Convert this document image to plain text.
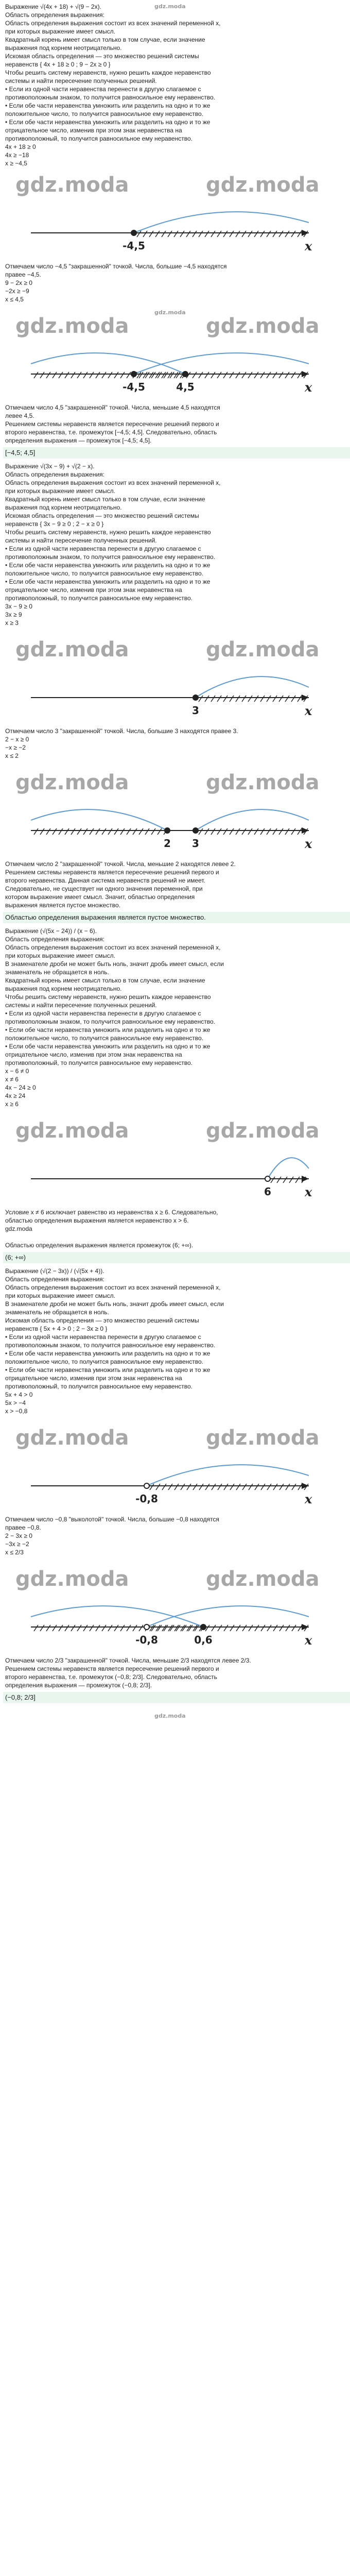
gdz.moda
Выражение √(4x + 18) + √(9 − 2x).
Область определения выражения:
Область определения выражения состоит из всех значений переменной x,
при которых выражение имеет смысл.
Квадратный корень имеет смысл только в том случае, если значение
выражения под корнем неотрицательно.
Искомая область определения — это множество решений системы
неравенств { 4x + 18 ≥ 0 ; 9 − 2x ≥ 0 }
Чтобы решить систему неравенств, нужно решить каждое неравенство
системы и найти пересечение полученных решений.
• Если из одной части неравенства перенести в другую слагаемое с
противоположным знаком, то получится равносильное ему неравенство.
• Если обе части неравенства умножить или разделить на одно и то же
положительное число, то получится равносильное ему неравенство.
• Если обе части неравенства умножить или разделить на одно и то же
отрицательное число, изменив при этом знак неравенства на
противоположный, то получится равносильное ему неравенство.
4x + 18 ≥ 0
4x ≥ −18
x ≥ −4,5
gdz.moda	gdz.moda
-4,5	x
Отмечаем число −4,5 "закрашенной" точкой. Числа, большие −4,5 находятся
правее −4,5.
9 − 2x ≥ 0
−2x ≥ −9
x ≤ 4,5
gdz.moda
gdz.moda	gdz.moda
-4,5	4,5	x
Отмечаем число 4,5 "закрашенной" точкой. Числа, меньшие 4,5 находятся
левее 4,5.
Решением системы неравенств является пересечение решений первого и
второго неравенства, т.е. промежуток [−4,5; 4,5]. Следовательно, область
определения выражения — промежуток [−4,5; 4,5].
[−4,5; 4,5]
Выражение √(3x − 9) + √(2 − x).
Область определения выражения:
Область определения выражения состоит из всех значений переменной x,
при которых выражение имеет смысл.
Квадратный корень имеет смысл только в том случае, если значение
выражения под корнем неотрицательно.
Искомая область определения — это множество решений системы
неравенств { 3x − 9 ≥ 0 ; 2 − x ≥ 0 }
Чтобы решить систему неравенств, нужно решить каждое неравенство
системы и найти пересечение полученных решений.
• Если из одной части неравенства перенести в другую слагаемое с
противоположным знаком, то получится равносильное ему неравенство.
• Если обе части неравенства умножить или разделить на одно и то же
положительное число, то получится равносильное ему неравенство.
• Если обе части неравенства умножить или разделить на одно и то же
отрицательное число, изменив при этом знак неравенства на
противоположный, то получится равносильное ему неравенство.
3x − 9 ≥ 0
3x ≥ 9
x ≥ 3
gdz.moda	gdz.moda
3	x
Отмечаем число 3 "закрашенной" точкой. Числа, большие 3 находятся правее 3.
2 − x ≥ 0
−x ≥ −2
x ≤ 2
gdz.moda	gdz.moda
2 3	x
Отмечаем число 2 "закрашенной" точкой. Числа, меньшие 2 находятся левее 2.
Решением системы неравенств является пересечение решений первого и
второго неравенства. Данная система неравенств решений не имеет.
Следовательно, не существует ни одного значения переменной, при
котором выражение имеет смысл. Значит, областью определения
выражения является пустое множество.
Областью определения выражения является пустое множество.
Выражение (√(5x − 24)) / (x − 6).
Область определения выражения:
Область определения выражения состоит из всех значений переменной x,
при которых выражение имеет смысл.
В знаменателе дроби не может быть ноль, значит дробь имеет смысл, если
знаменатель не обращается в ноль.
Квадратный корень имеет смысл только в том случае, если значение
выражения под корнем неотрицательно.
Чтобы решить систему неравенств, нужно решить каждое неравенство
системы и найти пересечение полученных решений.
• Если из одной части неравенства перенести в другую слагаемое с
противоположным знаком, то получится равносильное ему неравенство.
• Если обе части неравенства умножить или разделить на одно и то же
положительное число, то получится равносильное ему неравенство.
• Если обе части неравенства умножить или разделить на одно и то же
отрицательное число, изменив при этом знак неравенства на
противоположный, то получится равносильное ему неравенство.
x − 6 ≠ 0
x ≠ 6
4x − 24 ≥ 0
4x ≥ 24
x ≥ 6
gdz.moda	gdz.moda
6	x
Условие x ≠ 6 исключает равенство из неравенства x ≥ 6. Следовательно,
областью определения выражения является неравенство x > 6.
gdz.moda
Областью определения выражения является промежуток (6; +∞).
(6; +∞)
Выражение (√(2 − 3x)) / (√(5x + 4)).
Область определения выражения:
Область определения выражения состоит из всех значений переменной x,
при которых выражение имеет смысл.
В знаменателе дроби не может быть ноль, значит дробь имеет смысл, если
знаменатель не обращается в ноль.
Искомая область определения — это множество решений системы
неравенств { 5x + 4 > 0 ; 2 − 3x ≥ 0 }
• Если из одной части неравенства перенести в другую слагаемое с
противоположным знаком, то получится равносильное ему неравенство.
• Если обе части неравенства умножить или разделить на одно и то же
положительное число, то получится равносильное ему неравенство.
• Если обе части неравенства умножить или разделить на одно и то же
отрицательное число, изменив при этом знак неравенства на
противоположный, то получится равносильное ему неравенство.
5x + 4 > 0
5x > −4
x > −0,8
gdz.moda	gdz.moda
-0,8	x
Отмечаем число −0,8 "выколотой" точкой. Числа, большие −0,8 находятся
правее −0,8.
2 − 3x ≥ 0
−3x ≥ −2
x ≤ 2/3
gdz.moda	gdz.moda
-0,8	0,6	x
Отмечаем число 2/3 "закрашенной" точкой. Числа, меньшие 2/3 находятся левее 2/3.
Решением системы неравенств является пересечение решений первого и
второго неравенства, т.е. промежуток (−0,8; 2/3]. Следовательно, область
определения выражения — промежуток (−0,8; 2/3].
(−0,8; 2/3]
gdz.moda
